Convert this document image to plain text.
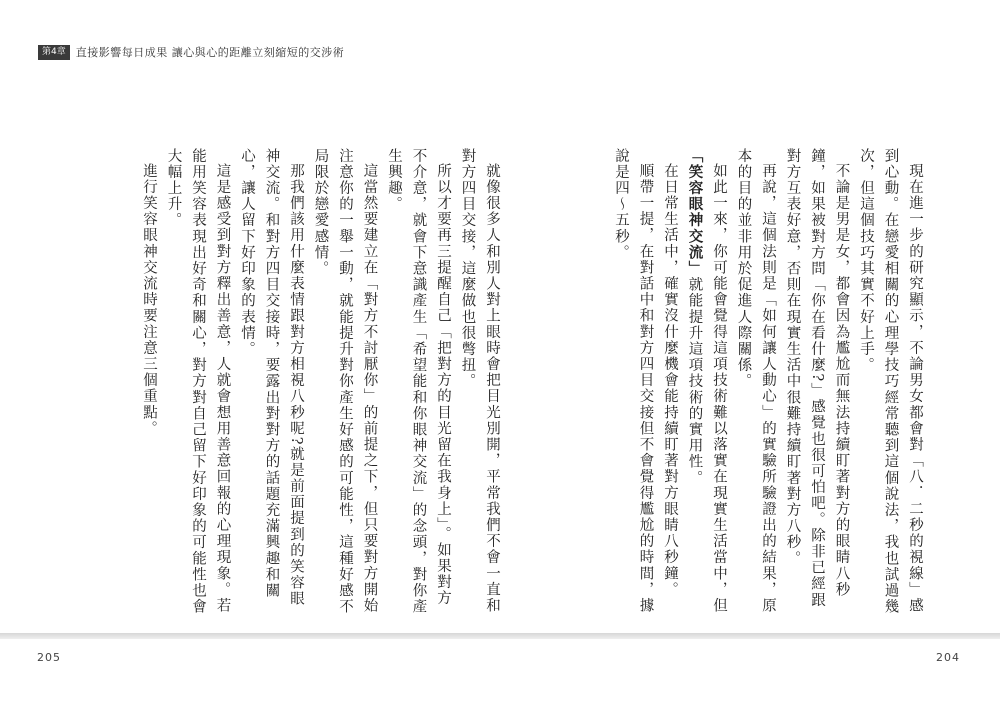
第4章 直接影響每日成果 讓心與心的距離立刻縮短的交涉術

現在進一步的研究顯示，不論男女都會對「八．二秒的視線」感到心動。在戀愛相關的心理學技巧經常聽到這個說法，我也試過幾次，但這個技巧其實不好上手。

不論是男是女，都會因為尷尬而無法持續盯著對方的眼睛八秒鐘，如果被對方問「你在看什麼?」感覺也很可怕吧。除非已經跟對方互表好意，否則在現實生活中很難持續盯著對方八秒。

再說，這個法則是「如何讓人動心」的實驗所驗證出的結果，原本的目的並非用於促進人際關係。

如此一來，你可能會覺得這項技術難以落實在現實生活當中，但「笑容眼神交流」就能提升這項技術的實用性。

在日常生活中，確實沒什麼機會能持續盯著對方眼睛八秒鐘。

順帶一提，在對話中和對方四目交接但不會覺得尷尬的時間，據說是四～五秒。

就像很多人和別人對上眼時會把目光別開，平常我們不會一直和對方四目交接，這麼做也很彆扭。

所以才要再三提醒自己「把對方的目光留在我身上」。如果對方不介意，就會下意識產生「希望能和你眼神交流」的念頭，對你產生興趣。

這當然要建立在「對方不討厭你」的前提之下，但只要對方開始注意你的一舉一動，就能提升對你產生好感的可能性，這種好感不局限於戀愛感情。

那我們該用什麼表情跟對方相視八秒呢?就是前面提到的笑容眼神交流。和對方四目交接時，要露出對對方的話題充滿興趣和關心，讓人留下好印象的表情。

這是感受到對方釋出善意，人就會想用善意回報的心理現象。若能用笑容表現出好奇和關心，對方對自己留下好印象的可能性也會大幅上升。

進行笑容眼神交流時要注意三個重點。

205	204
